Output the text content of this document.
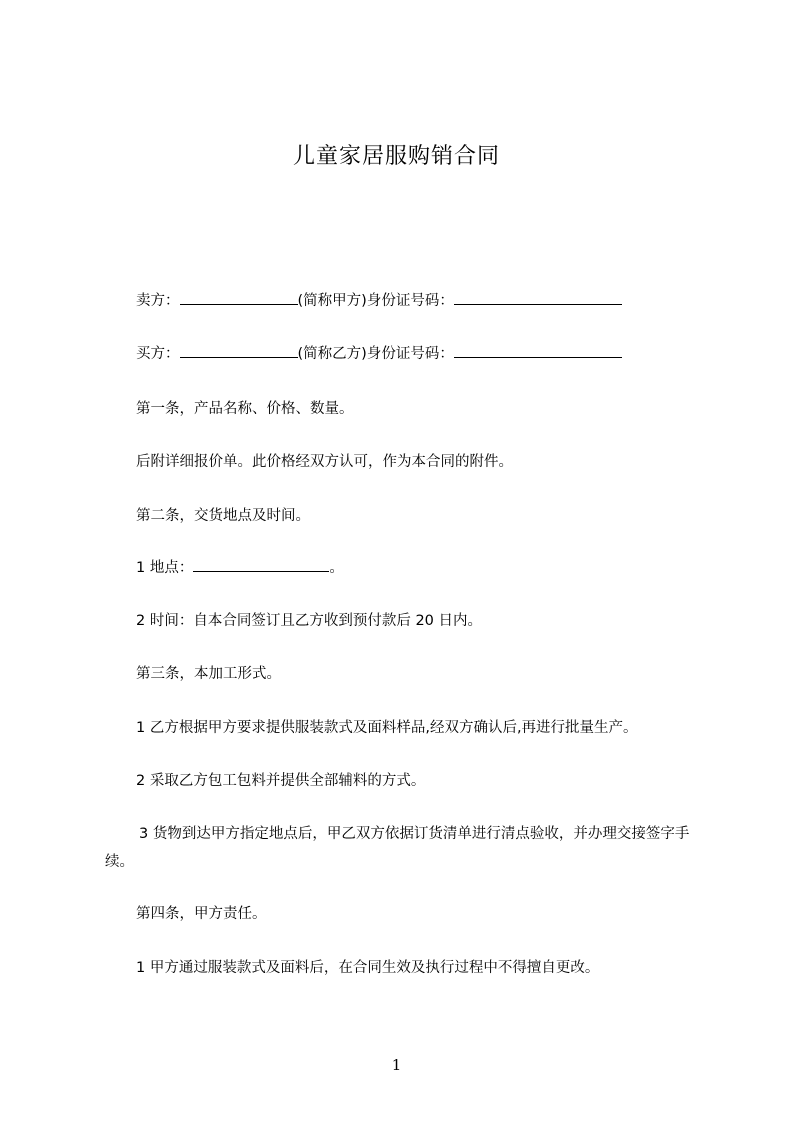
儿童家居服购销合同
卖方：	(简称甲方)身份证号码：
买方：	(简称乙方)身份证号码：
第一条，产品名称、价格、数量。
后附详细报价单。此价格经双方认可，作为本合同的附件。
第二条，交货地点及时间。
1 地点：	。
2 时间：自本合同签订且乙方收到预付款后 20 日内。
第三条，本加工形式。
1 乙方根据甲方要求提供服装款式及面料样品,经双方确认后,再进行批量生产。
2 采取乙方包工包料并提供全部辅料的方式。
3 货物到达甲方指定地点后，甲乙双方依据订货清单进行清点验收，并办理交接签字手续。
第四条，甲方责任。
1 甲方通过服装款式及面料后，在合同生效及执行过程中不得擅自更改。
1
